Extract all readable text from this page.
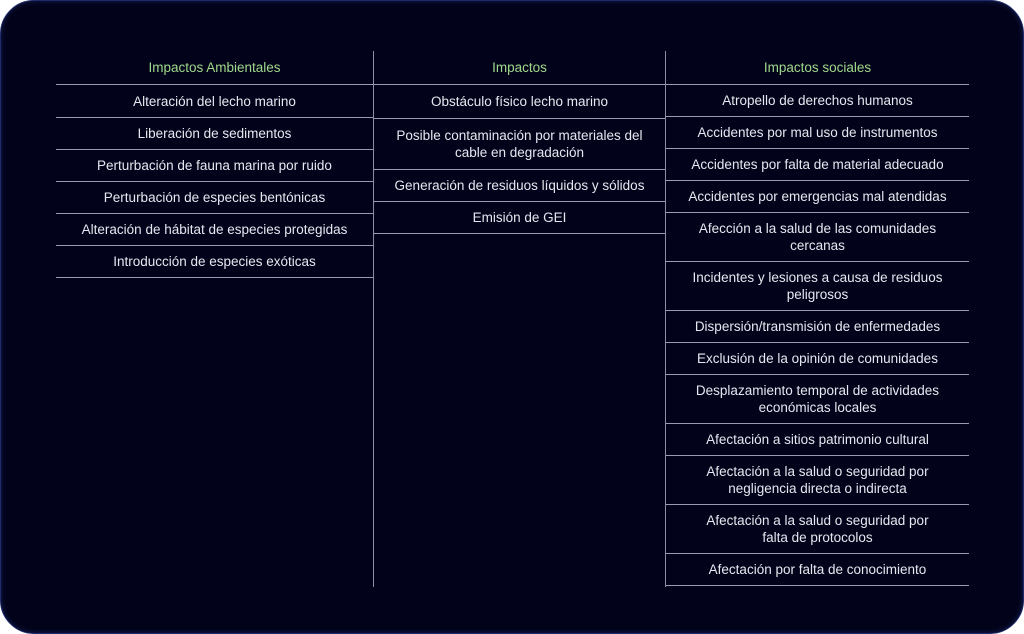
Impactos Ambientales
Alteración del lecho marino
Liberación de sedimentos
Perturbación de fauna marina por ruido
Perturbación de especies bentónicas
Alteración de hábitat de especies protegidas
Introducción de especies exóticas
Impactos
Obstáculo físico lecho marino
Posible contaminación por materiales del cable en degradación
Generación de residuos líquidos y sólidos
Emisión de GEI
Impactos sociales
Atropello de derechos humanos
Accidentes por mal uso de instrumentos
Accidentes por falta de material adecuado
Accidentes por emergencias mal atendidas
Afección a la salud de las comunidades cercanas
Incidentes y lesiones a causa de residuos peligrosos
Dispersión/transmisión de enfermedades
Exclusión de la opinión de comunidades
Desplazamiento temporal de actividades económicas locales
Afectación a sitios patrimonio cultural
Afectación a la salud o seguridad por negligencia directa o indirecta
Afectación a la salud o seguridad por falta de protocolos
Afectación por falta de conocimiento
